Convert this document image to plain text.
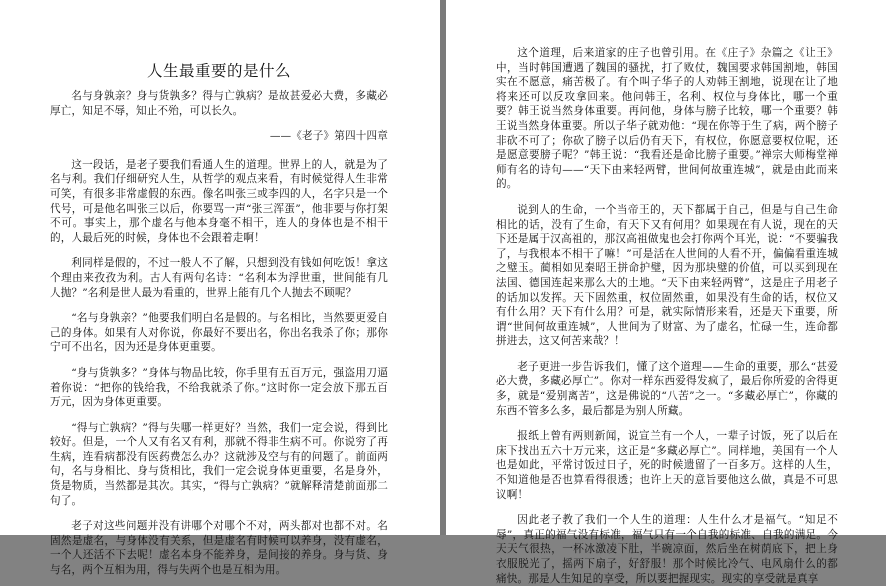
人生最重要的是什么

名与身孰亲？身与货孰多？得与亡孰病？是故甚爱必大费，多藏必厚亡，知足不辱，知止不殆，可以长久。

——《老子》第四十四章

这一段话，是老子要我们看通人生的道理。世界上的人，就是为了名与利。我们仔细研究人生，从哲学的观点来看，有时候觉得人生非常可笑，有很多非常虚假的东西。像名叫张三或李四的人，名字只是一个代号，可是他名叫张三以后，你要骂一声“张三浑蛋”，他非要与你打架不可。事实上，那个虚名与他本身毫不相干，连人的身体也是不相干的，人最后死的时候，身体也不会跟着走啊！

利同样是假的，不过一般人不了解，只想到没有钱如何吃饭！拿这个理由来孜孜为利。古人有两句名诗：“名利本为浮世重，世间能有几人抛？”名利是世人最为看重的，世界上能有几个人抛去不顾呢？

“名与身孰亲？”他要我们明白名是假的。与名相比，当然要更爱自己的身体。如果有人对你说，你最好不要出名，你出名我杀了你；那你宁可不出名，因为还是身体更重要。

“身与货孰多？”身体与物品比较，你手里有五百万元，强盗用刀逼着你说：“把你的钱给我，不给我就杀了你。”这时你一定会放下那五百万元，因为身体更重要。

“得与亡孰病？”得与失哪一样更好？当然，我们一定会说，得到比较好。但是，一个人又有名又有利，那就不得非生病不可。你说穷了再生病，连看病都没有医药费怎么办？这就涉及空与有的问题了。前面两句，名与身相比、身与货相比，我们一定会说身体更重要，名是身外，货是物质，当然都是其次。其实，“得与亡孰病？”就解释清楚前面那二句了。

老子对这些问题并没有讲哪个对哪个不对，两头都对也都不对。名固然是虚名，与身体没有关系，但是虚名有时候可以养身，没有虚名，一个人还活不下去呢！虚名本身不能养身，是间接的养身。身与货、身与名，两个互相为用，得与失两个也是互相为用。

这个道理，后来道家的庄子也曾引用。在《庄子》杂篇之《让王》中，当时韩国遭遇了魏国的骚扰，打了败仗，魏国要求韩国割地，韩国实在不愿意，痛苦极了。有个叫子华子的人劝韩王割地，说现在让了地将来还可以反攻拿回来。他问韩王，名利、权位与身体比，哪一个重要？韩王说当然身体重要。再问他，身体与膀子比较，哪一个重要？韩王说当然身体重要。所以子华子就劝他：“现在你等于生了病，两个膀子非砍不可了；你砍了膀子以后仍有天下，有权位，你愿意要权位呢，还是愿意要膀子呢？”韩王说：“我看还是命比膀子重要。”禅宗大师梅堂禅师有名的诗句——“天下由来轻两臂，世间何故重连城”，就是由此而来的。

说到人的生命，一个当帝王的，天下都属于自己，但是与自己生命相比的话，没有了生命，有天下又有何用？如果现在有人说，现在的天下还是属于汉高祖的，那汉高祖做鬼也会打你两个耳光，说：“不要骗我了，与我根本不相干了嘛！”可是活在人世间的人看不开，偏偏看重连城之璧玉。蔺相如见秦昭王拼命护璧，因为那块璧的价值，可以买到现在法国、德国连起来那么大的土地。“天下由来轻两臂”，这是庄子用老子的话加以发挥。天下固然重，权位固然重，如果没有生命的话，权位又有什么用？天下有什么用？可是，就实际情形来看，还是天下重要，所谓“世间何故重连城”，人世间为了财富、为了虚名，忙碌一生，连命都拼进去，这又何苦来哉？！

老子更进一步告诉我们，懂了这个道理——生命的重要，那么“甚爱必大费，多藏必厚亡”。你对一样东西爱得发疯了，最后你所爱的舍得更多，就是“爱别离苦”，这是佛说的“八苦”之一。“多藏必厚亡”，你藏的东西不管多么多，最后都是为别人所藏。

报纸上曾有两则新闻，说宣兰有一个人，一辈子讨饭，死了以后在床下找出五六十万元来，这正是“多藏必厚亡”。同样地，美国有一个人也是如此，平常讨饭过日子，死的时候遗留了一百多万。这样的人生，不知道他是否也算看得很透；也许上天的意旨要他这么做，真是不可思议啊！

因此老子教了我们一个人生的道理：人生什么才是福气。“知足不辱”，真正的福气没有标准，福气只有一个自我的标准、自我的满足。今天天气很热，一杯冰激凌下肚，半碗凉面，然后坐在树荫底下，把上身衣服脱光了，摇两下扇子，好舒服！那个时候比冷气、电风扇什么的都痛快。那是人生知足的享受，所以要把握现实。现实的享受就是真享
